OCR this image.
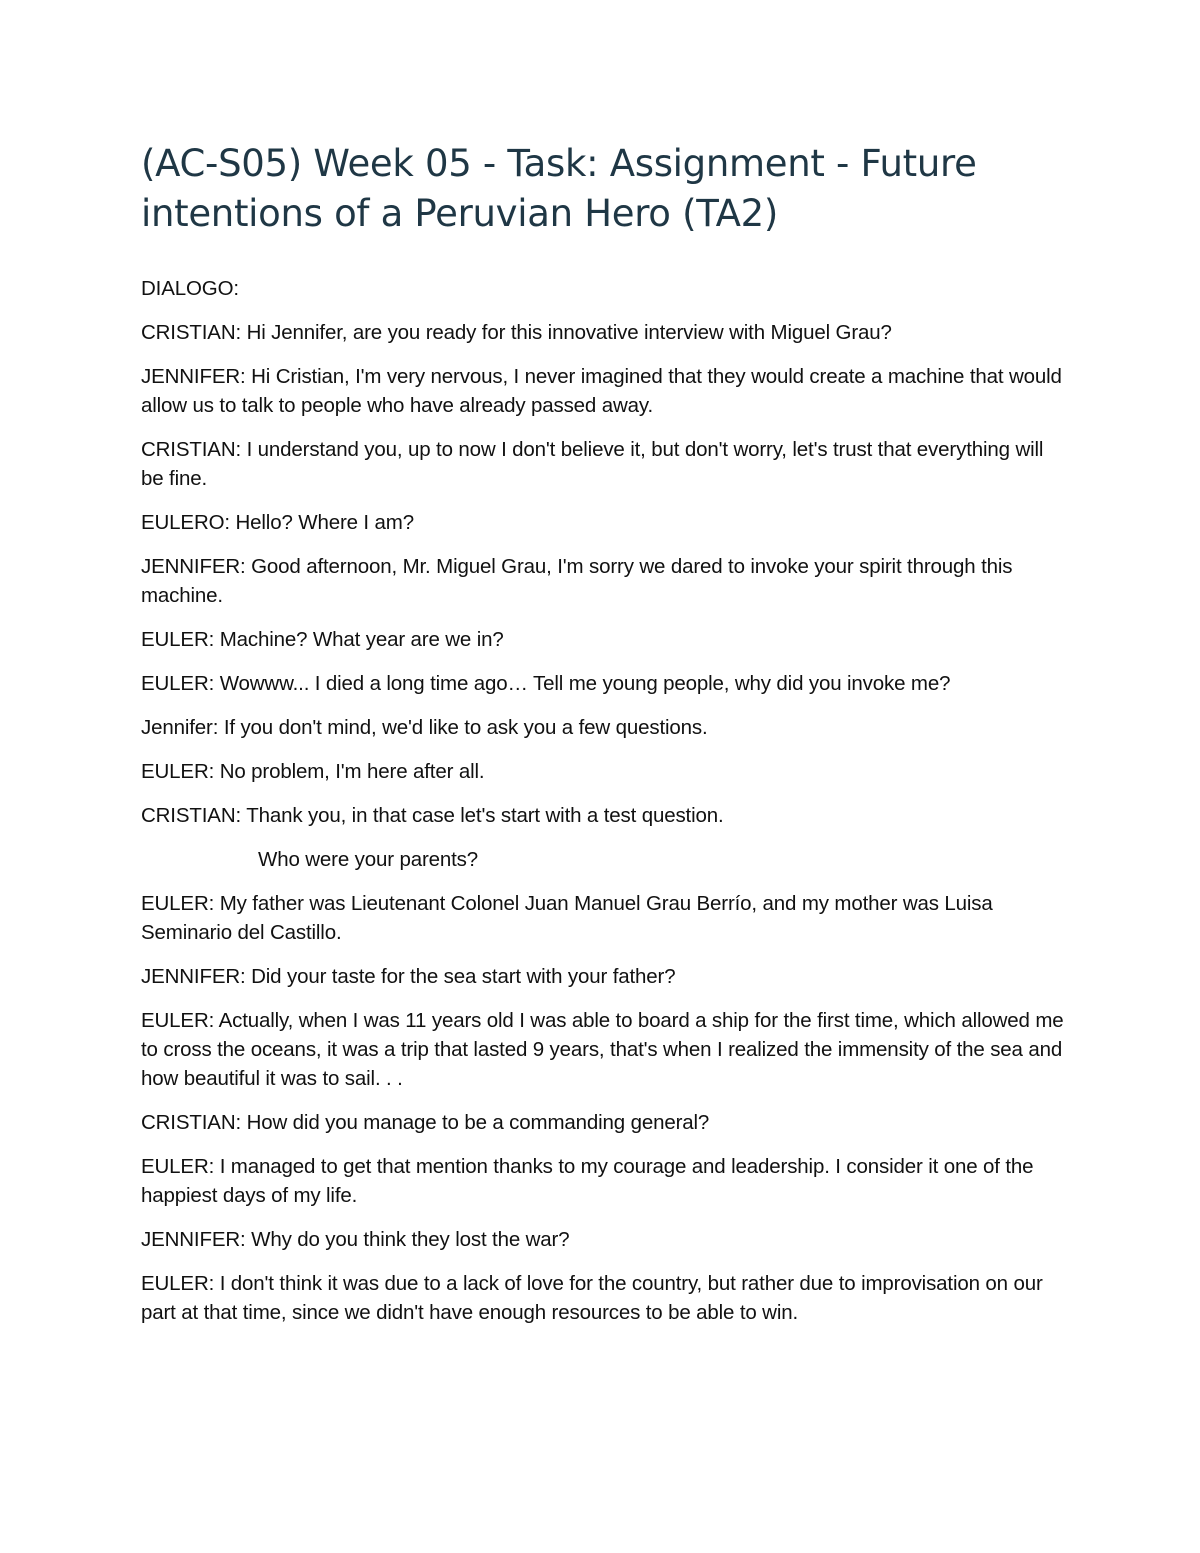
(AC-S05) Week 05 - Task: Assignment - Future intentions of a Peruvian Hero (TA2)

DIALOGO:

CRISTIAN: Hi Jennifer, are you ready for this innovative interview with Miguel Grau?

JENNIFER: Hi Cristian, I'm very nervous, I never imagined that they would create a machine that would allow us to talk to people who have already passed away.

CRISTIAN: I understand you, up to now I don't believe it, but don't worry, let's trust that everything will be fine.

EULERO: Hello? Where I am?

JENNIFER: Good afternoon, Mr. Miguel Grau, I'm sorry we dared to invoke your spirit through this machine.

EULER: Machine? What year are we in?

EULER: Wowww... I died a long time ago… Tell me young people, why did you invoke me?

Jennifer: If you don't mind, we'd like to ask you a few questions.

EULER: No problem, I'm here after all.

CRISTIAN: Thank you, in that case let's start with a test question.

Who were your parents?

EULER: My father was Lieutenant Colonel Juan Manuel Grau Berrío, and my mother was Luisa Seminario del Castillo.

JENNIFER: Did your taste for the sea start with your father?

EULER: Actually, when I was 11 years old I was able to board a ship for the first time, which allowed me to cross the oceans, it was a trip that lasted 9 years, that's when I realized the immensity of the sea and how beautiful it was to sail. . .

CRISTIAN: How did you manage to be a commanding general?

EULER: I managed to get that mention thanks to my courage and leadership. I consider it one of the happiest days of my life.

JENNIFER: Why do you think they lost the war?

EULER: I don't think it was due to a lack of love for the country, but rather due to improvisation on our part at that time, since we didn't have enough resources to be able to win.
